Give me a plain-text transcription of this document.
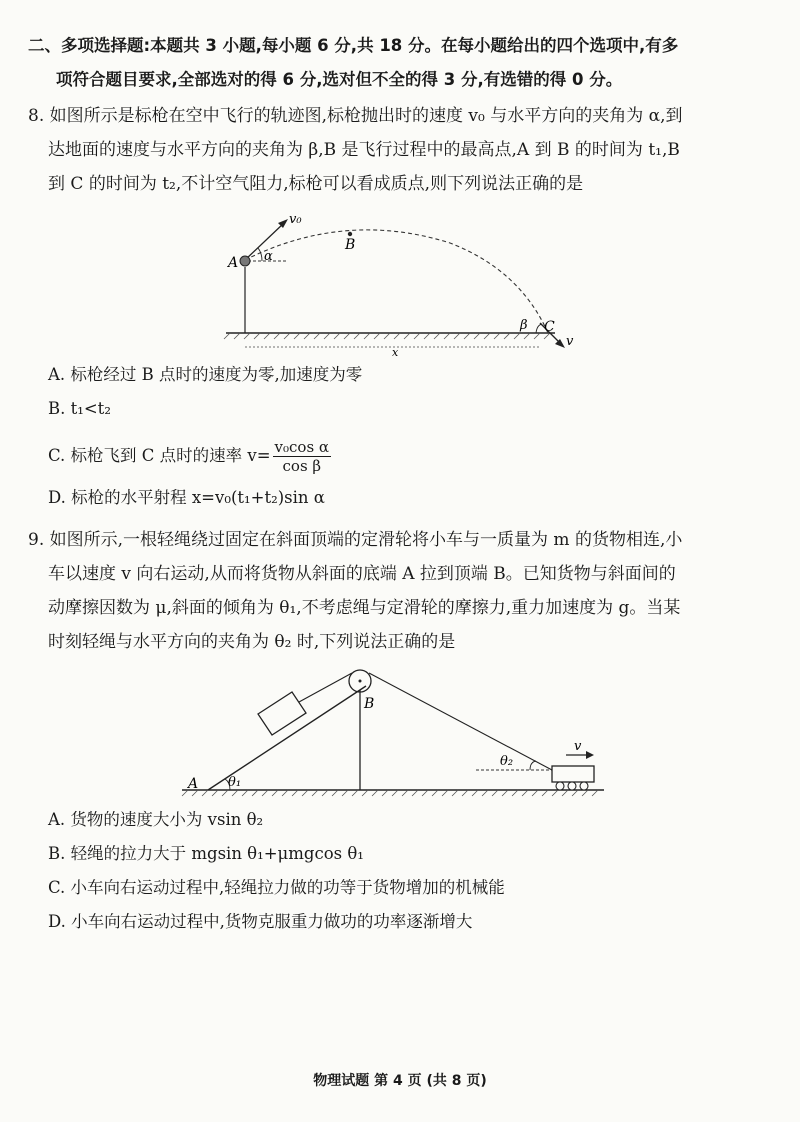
二、多项选择题:本题共 3 小题,每小题 6 分,共 18 分。在每小题给出的四个选项中,有多
项符合题目要求,全部选对的得 6 分,选对但不全的得 3 分,有选错的得 0 分。
8. 如图所示是标枪在空中飞行的轨迹图,标枪抛出时的速度 v₀ 与水平方向的夹角为 α,到
达地面的速度与水平方向的夹角为 β,B 是飞行过程中的最高点,A 到 B 的时间为 t₁,B
到 C 的时间为 t₂,不计空气阻力,标枪可以看成质点,则下列说法正确的是
A α
v₀
B
β C
v
x
A. 标枪经过 B 点时的速度为零,加速度为零
B. t₁<t₂
C. 标枪飞到 C 点时的速率 $v= \frac{\text{v₀cos α}}{\text{cos β}}$
D. 标枪的水平射程 x=v₀(t₁+t₂)sin α
9. 如图所示,一根轻绳绕过固定在斜面顶端的定滑轮将小车与一质量为 m 的货物相连,小
车以速度 v 向右运动,从而将货物从斜面的底端 A 拉到顶端 B。已知货物与斜面间的
动摩擦因数为 μ,斜面的倾角为 θ₁,不考虑绳与定滑轮的摩擦力,重力加速度为 g。当某
时刻轻绳与水平方向的夹角为 θ₂ 时,下列说法正确的是
A θ₁
B
θ₂
v
A. 货物的速度大小为 vsin θ₂
B. 轻绳的拉力大于 mgsin θ₁+μmgcos θ₁
C. 小车向右运动过程中,轻绳拉力做的功等于货物增加的机械能
D. 小车向右运动过程中,货物克服重力做功的功率逐渐增大
物理试题 第 4 页 (共 8 页)
